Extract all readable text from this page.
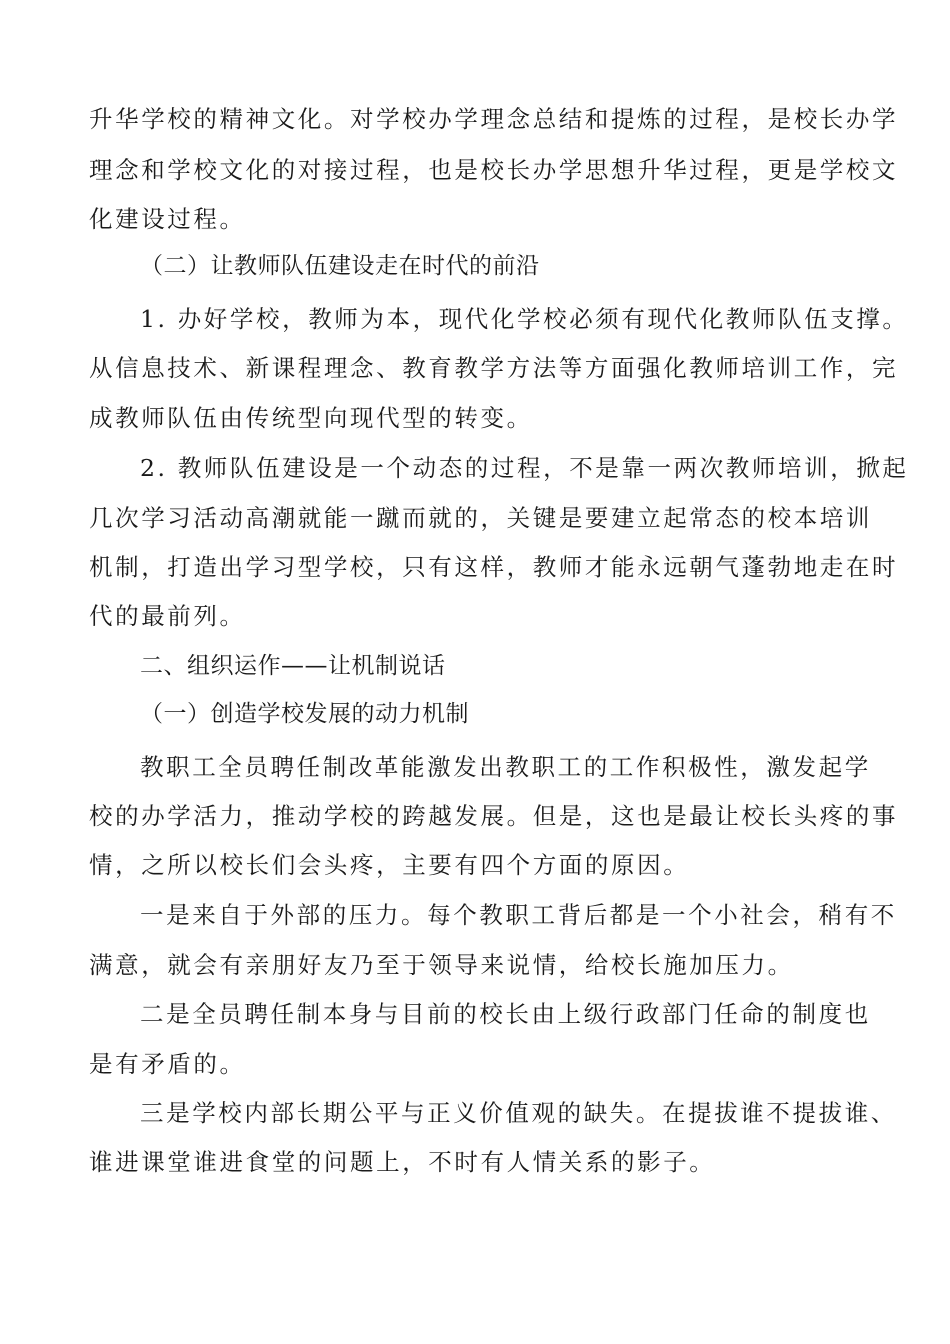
升华学校的精神文化。对学校办学理念总结和提炼的过程，是校长办学

理念和学校文化的对接过程，也是校长办学思想升华过程，更是学校文

化建设过程。

（二）让教师队伍建设走在时代的前沿

1. 办好学校，教师为本，现代化学校必须有现代化教师队伍支撑。

从信息技术、新课程理念、教育教学方法等方面强化教师培训工作，完

成教师队伍由传统型向现代型的转变。

2. 教师队伍建设是一个动态的过程，不是靠一两次教师培训，掀起

几次学习活动高潮就能一蹴而就的，关键是要建立起常态的校本培训

机制，打造出学习型学校，只有这样，教师才能永远朝气蓬勃地走在时

代的最前列。

二、组织运作——让机制说话

（一）创造学校发展的动力机制

教职工全员聘任制改革能激发出教职工的工作积极性，激发起学

校的办学活力，推动学校的跨越发展。但是，这也是最让校长头疼的事

情，之所以校长们会头疼，主要有四个方面的原因。

一是来自于外部的压力。每个教职工背后都是一个小社会，稍有不

满意，就会有亲朋好友乃至于领导来说情，给校长施加压力。

二是全员聘任制本身与目前的校长由上级行政部门任命的制度也

是有矛盾的。

三是学校内部长期公平与正义价值观的缺失。在提拔谁不提拔谁、

谁进课堂谁进食堂的问题上，不时有人情关系的影子。
